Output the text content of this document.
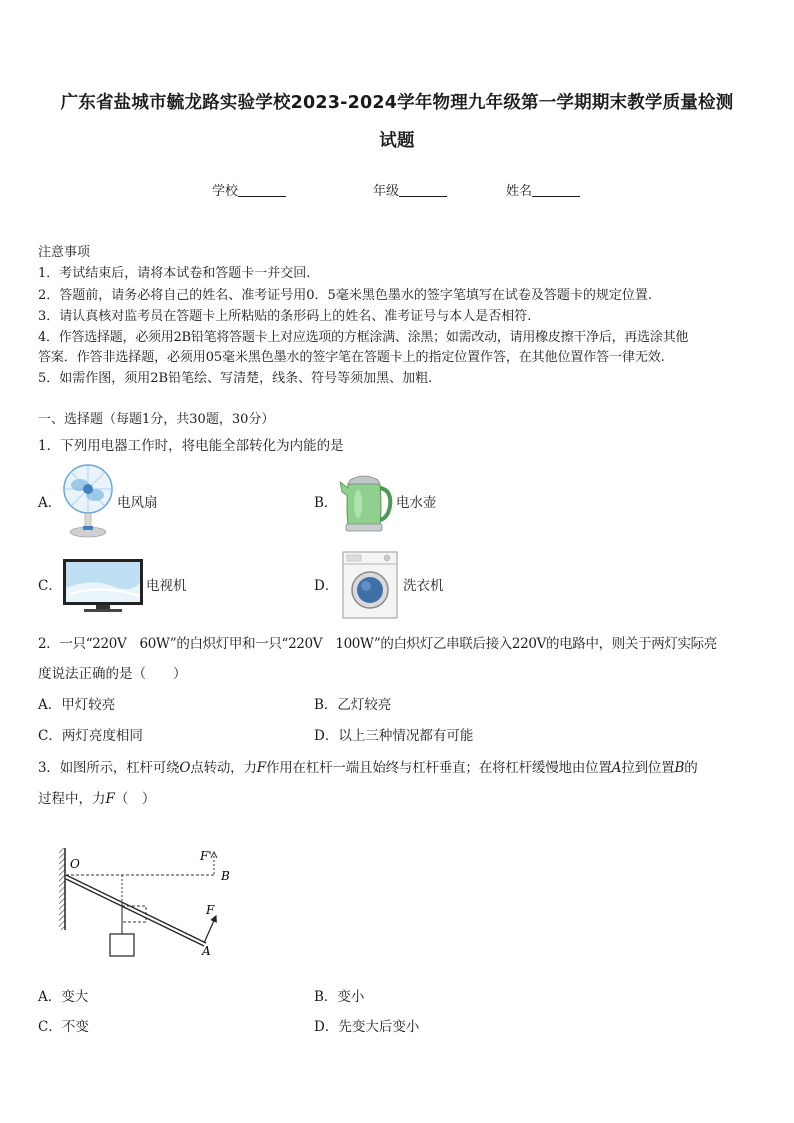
广东省盐城市毓龙路实验学校2023-2024学年物理九年级第一学期期末教学质量检测
试题
学校	年级	姓名
注意事项
1．考试结束后，请将本试卷和答题卡一并交回.
2．答题前，请务必将自己的姓名、准考证号用0．5毫米黑色墨水的签字笔填写在试卷及答题卡的规定位置.
3．请认真核对监考员在答题卡上所粘贴的条形码上的姓名、准考证号与本人是否相符.
4．作答选择题，必须用2B铅笔将答题卡上对应选项的方框涂满、涂黑；如需改动，请用橡皮擦干净后，再选涂其他
答案．作答非选择题，必须用05毫米黑色墨水的签字笔在答题卡上的指定位置作答，在其他位置作答一律无效.
5．如需作图，须用2B铅笔绘、写清楚，线条、符号等须加黑、加粗.
一、选择题（每题1分，共30题，30分）
1．下列用电器工作时，将电能全部转化为内能的是
A．	电风扇	B．	电水壶
C．	电视机	D．	洗衣机
2．一只“220V　60W”的白炽灯甲和一只“220V　100W”的白炽灯乙串联后接入220V的电路中，则关于两灯实际亮
度说法正确的是（　　）
A．甲灯较亮	B．乙灯较亮
C．两灯亮度相同	D．以上三种情况都有可能
3．如图所示，杠杆可绕O点转动，力F作用在杠杆一端且始终与杠杆垂直；在将杠杆缓慢地由位置A拉到位置B的
过程中，力F（　）
O
B
F'
F
A
A．变大	B．变小
C．不变	D．先变大后变小
